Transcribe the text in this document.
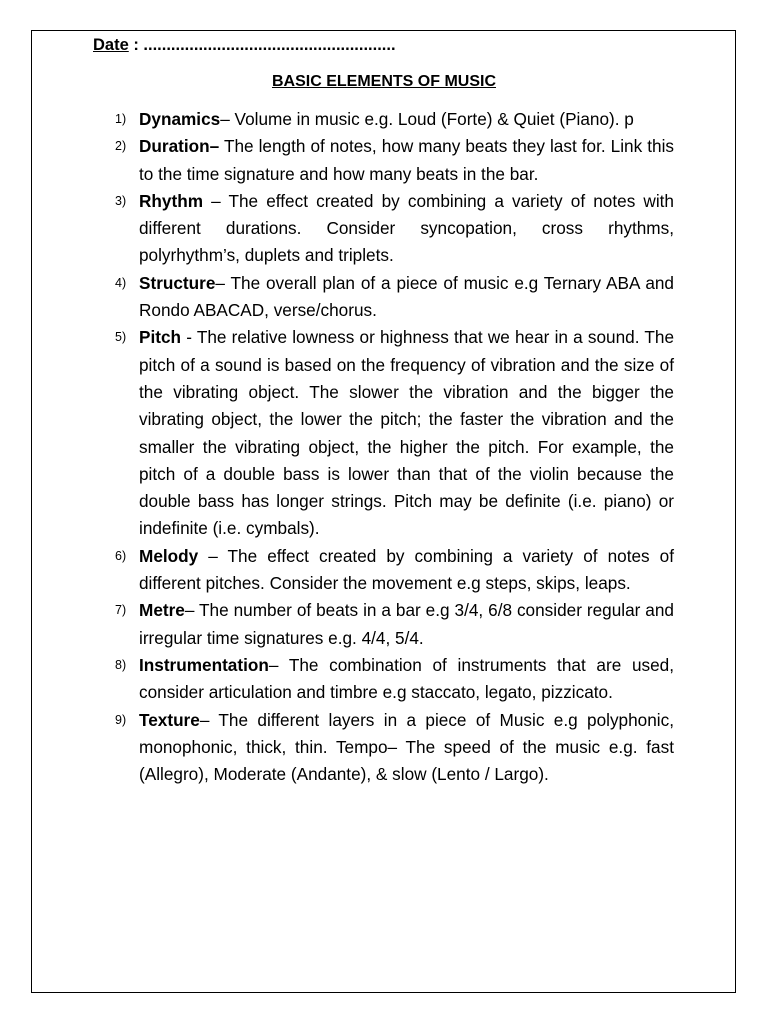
Date : .......................................................
BASIC ELEMENTS OF MUSIC
1) Dynamics– Volume in music e.g. Loud (Forte) & Quiet (Piano). p
2) Duration– The length of notes, how many beats they last for. Link this to the time signature and how many beats in the bar.
3) Rhythm – The effect created by combining a variety of notes with different durations. Consider syncopation, cross rhythms, polyrhythm’s, duplets and triplets.
4) Structure– The overall plan of a piece of music e.g Ternary ABA and Rondo ABACAD, verse/chorus.
5) Pitch - The relative lowness or highness that we hear in a sound. The pitch of a sound is based on the frequency of vibration and the size of the vibrating object. The slower the vibration and the bigger the vibrating object, the lower the pitch; the faster the vibration and the smaller the vibrating object, the higher the pitch. For example, the pitch of a double bass is lower than that of the violin because the double bass has longer strings. Pitch may be definite (i.e. piano) or indefinite (i.e. cymbals).
6) Melody – The effect created by combining a variety of notes of different pitches. Consider the movement e.g steps, skips, leaps.
7) Metre– The number of beats in a bar e.g 3/4, 6/8 consider regular and irregular time signatures e.g. 4/4, 5/4.
8) Instrumentation– The combination of instruments that are used, consider articulation and timbre e.g staccato, legato, pizzicato.
9) Texture– The different layers in a piece of Music e.g polyphonic, monophonic, thick, thin. Tempo– The speed of the music e.g. fast (Allegro), Moderate (Andante), & slow (Lento / Largo).
